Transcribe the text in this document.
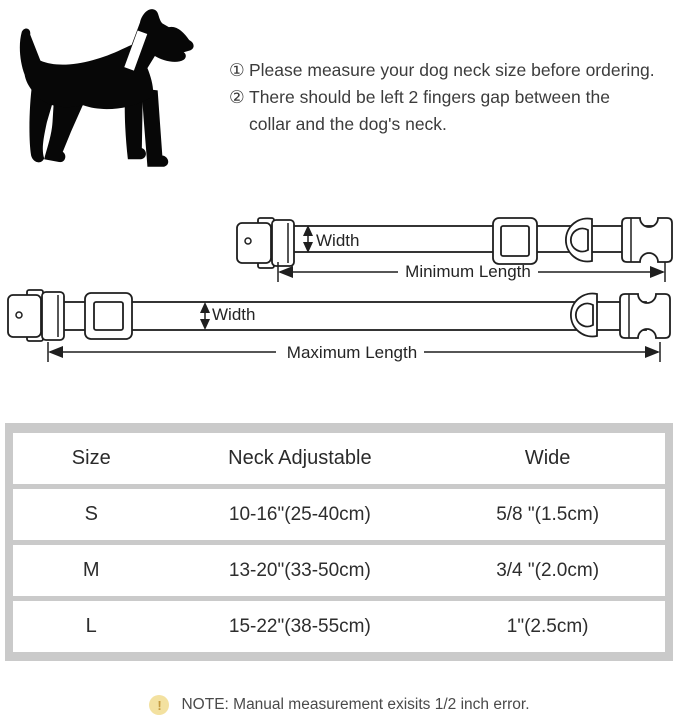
① Please measure your dog neck size before ordering.
② There should be left 2 fingers gap between the
collar and the dog's neck.
Width
Minimum Length
Width
Maximum Length
Size	Neck Adjustable	Wide
S	10-16"(25-40cm)	5/8 "(1.5cm)
M	13-20"(33-50cm)	3/4 "(2.0cm)
L	15-22"(38-55cm)	1"(2.5cm)
!	NOTE: Manual measurement exisits 1/2 inch error.
